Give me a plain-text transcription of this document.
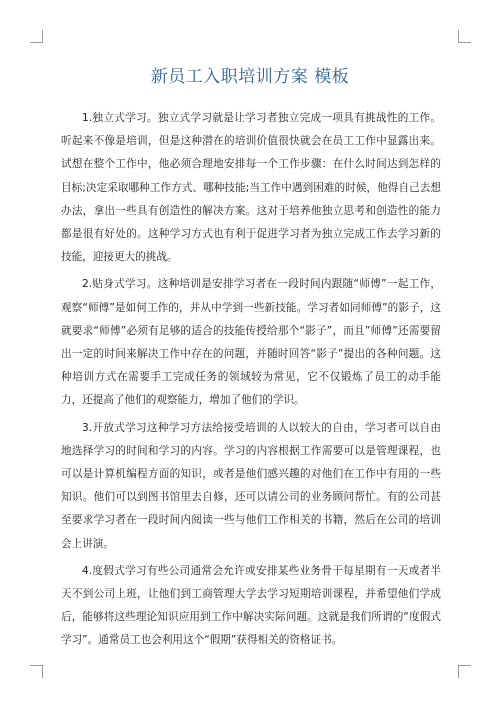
新员工入职培训方案 模板

1.独立式学习。独立式学习就是让学习者独立完成一项具有挑战性的工作。听起来不像是培训，但是这种潜在的培训价值很快就会在员工工作中显露出来。试想在整个工作中，他必须合理地安排每一个工作步骤：在什么时间达到怎样的目标;决定采取哪种工作方式、哪种技能;当工作中遇到困难的时候，他得自己去想办法，拿出一些具有创造性的解决方案。这对于培养他独立思考和创造性的能力都是很有好处的。这种学习方式也有利于促进学习者为独立完成工作去学习新的技能，迎接更大的挑战。

2.贴身式学习。这种培训是安排学习者在一段时间内跟随“师傅”一起工作，观察“师傅”是如何工作的，并从中学到一些新技能。学习者如同师傅”的影子，这就要求“师傅”必须有足够的适合的技能传授给那个“影子”，而且”师傅”还需要留出一定的时间来解决工作中存在的问题，并随时回答“影子”提出的各种问题。这种培训方式在需要手工完成任务的领域较为常见，它不仅锻炼了员工的动手能力，还提高了他们的观察能力，增加了他们的学识。

3.开放式学习这种学习方法给接受培训的人以较大的自由，学习者可以自由地选择学习的时间和学习的内容。学习的内容根据工作需要可以是管理课程，也可以是计算机编程方面的知识，或者是他们感兴趣的对他们在工作中有用的一些知识。他们可以到图书馆里去自修，还可以请公司的业务顾问帮忙。有的公司甚至要求学习者在一段时间内阅读一些与他们工作相关的书籍，然后在公司的培训会上讲演。

4.度假式学习有些公司通常会允许或安排某些业务骨干每星期有一天或者半天不到公司上班，让他们到工商管理大学去学习短期培训课程，并希望他们学成后，能够将这些理论知识应用到工作中解决实际问题。这就是我们所谓的“度假式学习”。通常员工也会利用这个“假期”获得相关的资格证书。
